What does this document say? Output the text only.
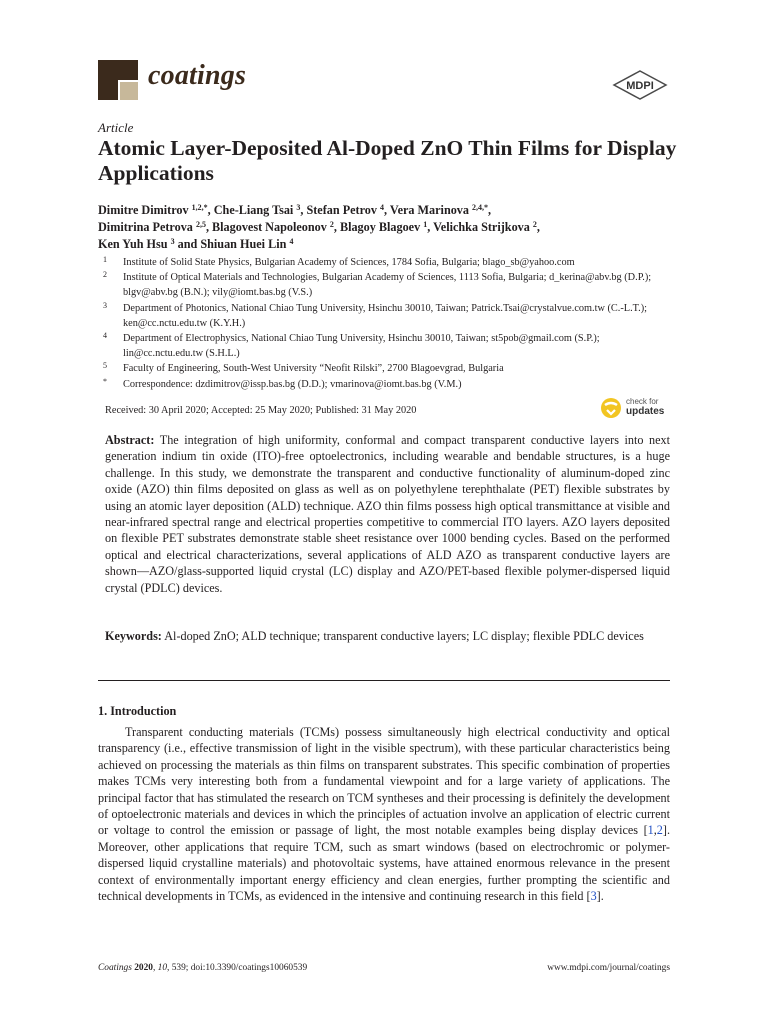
coatings	MDPI
Article
Atomic Layer-Deposited Al-Doped ZnO Thin Films for Display Applications
Dimitre Dimitrov $^{1,2,*}$, Che-Liang Tsai $^3$, Stefan Petrov $^4$, Vera Marinova $^{2,4,*}$,
Dimitrina Petrova $^{2,5}$, Blagovest Napoleonov $^2$, Blagoy Blagoev $^1$, Velichka Strijkova $^2$,
Ken Yuh Hsu $^3$ and Shiuan Huei Lin $^4$
1 Institute of Solid State Physics, Bulgarian Academy of Sciences, 1784 Sofia, Bulgaria; blago_sb@yahoo.com
2 Institute of Optical Materials and Technologies, Bulgarian Academy of Sciences, 1113 Sofia, Bulgaria; d_kerina@abv.bg (D.P.); blgv@abv.bg (B.N.); vily@iomt.bas.bg (V.S.)
3 Department of Photonics, National Chiao Tung University, Hsinchu 30010, Taiwan; Patrick.Tsai@crystalvue.com.tw (C.-L.T.); ken@cc.nctu.edu.tw (K.Y.H.)
4 Department of Electrophysics, National Chiao Tung University, Hsinchu 30010, Taiwan; st5pob@gmail.com (S.P.); lin@cc.nctu.edu.tw (S.H.L.)
5 Faculty of Engineering, South-West University “Neofit Rilski”, 2700 Blagoevgrad, Bulgaria
* Correspondence: dzdimitrov@issp.bas.bg (D.D.); vmarinova@iomt.bas.bg (V.M.)
Received: 30 April 2020; Accepted: 25 May 2020; Published: 31 May 2020
check for
updates
Abstract: The integration of high uniformity, conformal and compact transparent conductive layers into next generation indium tin oxide (ITO)-free optoelectronics, including wearable and bendable structures, is a huge challenge. In this study, we demonstrate the transparent and conductive functionality of aluminum-doped zinc oxide (AZO) thin films deposited on glass as well as on polyethylene terephthalate (PET) flexible substrates by using an atomic layer deposition (ALD) technique. AZO thin films possess high optical transmittance at visible and near-infrared spectral range and electrical properties competitive to commercial ITO layers. AZO layers deposited on flexible PET substrates demonstrate stable sheet resistance over 1000 bending cycles. Based on the performed optical and electrical characterizations, several applications of ALD AZO as transparent conductive layers are shown—AZO/glass-supported liquid crystal (LC) display and AZO/PET-based flexible polymer-dispersed liquid crystal (PDLC) devices.
Keywords: Al-doped ZnO; ALD technique; transparent conductive layers; LC display; flexible PDLC devices
1. Introduction
Transparent conducting materials (TCMs) possess simultaneously high electrical conductivity and optical transparency (i.e., effective transmission of light in the visible spectrum), with these particular characteristics being achieved on processing the materials as thin films on transparent substrates. This specific combination of properties makes TCMs very interesting both from a fundamental viewpoint and for a large variety of applications. The principal factor that has stimulated the research on TCM syntheses and their processing is definitely the development of optoelectronic materials and devices in which the principles of actuation involve an application of electric current or voltage to control the emission or passage of light, the most notable examples being display devices [1,2]. Moreover, other applications that require TCM, such as smart windows (based on electrochromic or polymer-dispersed liquid crystalline materials) and photovoltaic systems, have attained enormous relevance in the present context of environmentally important energy efficiency and clean energies, further prompting the scientific and technical developments in TCMs, as evidenced in the intensive and continuing research in this field [3].
Coatings 2020, 10, 539; doi:10.3390/coatings10060539	www.mdpi.com/journal/coatings
